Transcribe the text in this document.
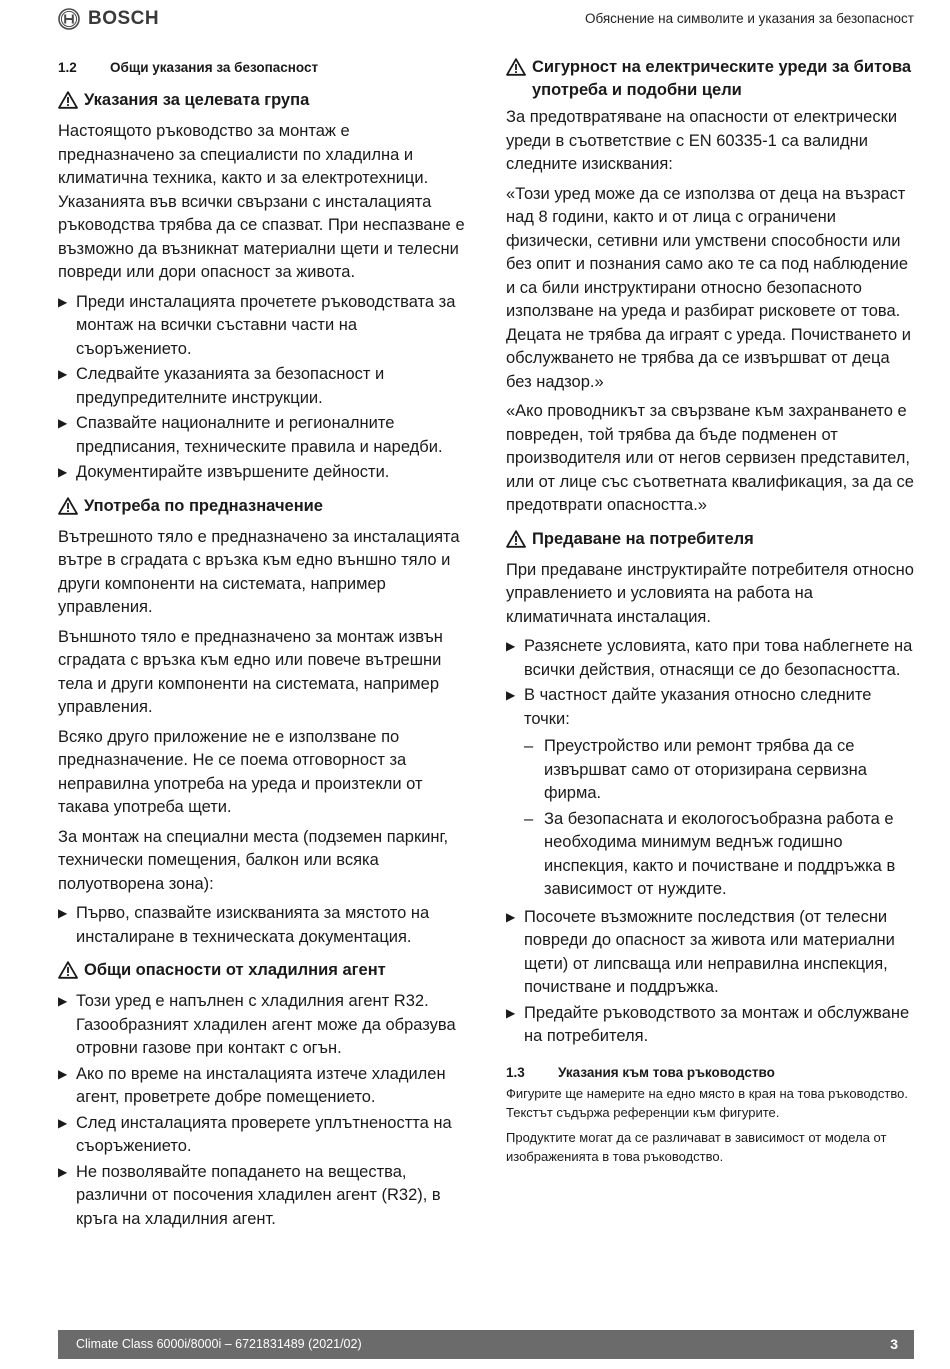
BOSCH	Обяснение на символите и указания за безопасност
1.2	Общи указания за безопасност
Указания за целевата група

Настоящото ръководство за монтаж е предназначено за специалисти по хладилна и климатична техника, както и за електротехници. Указанията във всички свързани с инсталацията ръководства трябва да се спазват. При неспазване е възможно да възникнат материални щети и телесни повреди или дори опасност за живота.

▶ Преди инсталацията прочетете ръководствата за монтаж на всички съставни части на съоръжението.
▶ Следвайте указанията за безопасност и предупредителните инструкции.
▶ Спазвайте националните и регионалните предписания, техническите правила и наредби.
▶ Документирайте извършените дейности.
Употреба по предназначение

Вътрешното тяло е предназначено за инсталацията вътре в сградата с връзка към едно външно тяло и други компоненти на системата, например управления.

Външното тяло е предназначено за монтаж извън сградата с връзка към едно или повече вътрешни тела и други компоненти на системата, например управления.

Всяко друго приложение не е използване по предназначение. Не се поема отговорност за неправилна употреба на уреда и произтекли от такава употреба щети.

За монтаж на специални места (подземен паркинг, технически помещения, балкон или всяка полуотворена зона):

▶ Първо, спазвайте изискванията за мястото на инсталиране в техническата документация.
Общи опасности от хладилния агент
▶ Този уред е напълнен с хладилния агент R32. Газообразният хладилен агент може да образува отровни газове при контакт с огън.
▶ Ако по време на инсталацията изтече хладилен агент, проветрете добре помещението.
▶ След инсталацията проверете уплътнеността на съоръжението.
▶ Не позволявайте попадането на вещества, различни от посочения хладилен агент (R32), в кръга на хладилния агент.
Сигурност на електрическите уреди за битова употреба и подобни цели

За предотвратяване на опасности от електрически уреди в съответствие с EN 60335-1 са валидни следните изисквания:

«Този уред може да се използва от деца на възраст над 8 години, както и от лица с ограничени физически, сетивни или умствени способности или без опит и познания само ако те са под наблюдение и са били инструктирани относно безопасното използване на уреда и разбират рисковете от това. Децата не трябва да играят с уреда. Почистването и обслужването не трябва да се извършват от деца без надзор.»

«Ако проводникът за свързване към захранването е повреден, той трябва да бъде подменен от производителя или от негов сервизен представител, или от лице със съответната квалификация, за да се предотврати опасността.»

Предаване на потребителя

При предаване инструктирайте потребителя относно управлението и условията на работа на климатичната инсталация.

▶ Разяснете условията, като при това наблегнете на всички действия, отнасящи се до безопасността.
▶ В частност дайте указания относно следните точки:
– Преустройство или ремонт трябва да се извършват само от оторизирана сервизна фирма.
– За безопасната и екологосъобразна работа е необходима минимум веднъж годишно инспекция, както и почистване и поддръжка в зависимост от нуждите.
▶ Посочете възможните последствия (от телесни повреди до опасност за живота или материални щети) от липсваща или неправилна инспекция, почистване и поддръжка.
▶ Предайте ръководството за монтаж и обслужване на потребителя.
1.3	Указания към това ръководство

Фигурите ще намерите на едно място в края на това ръководство. Текстът съдържа референции към фигурите.

Продуктите могат да се различават в зависимост от модела от изображенията в това ръководство.

Climate Class 6000i/8000i – 6721831489 (2021/02)	3
